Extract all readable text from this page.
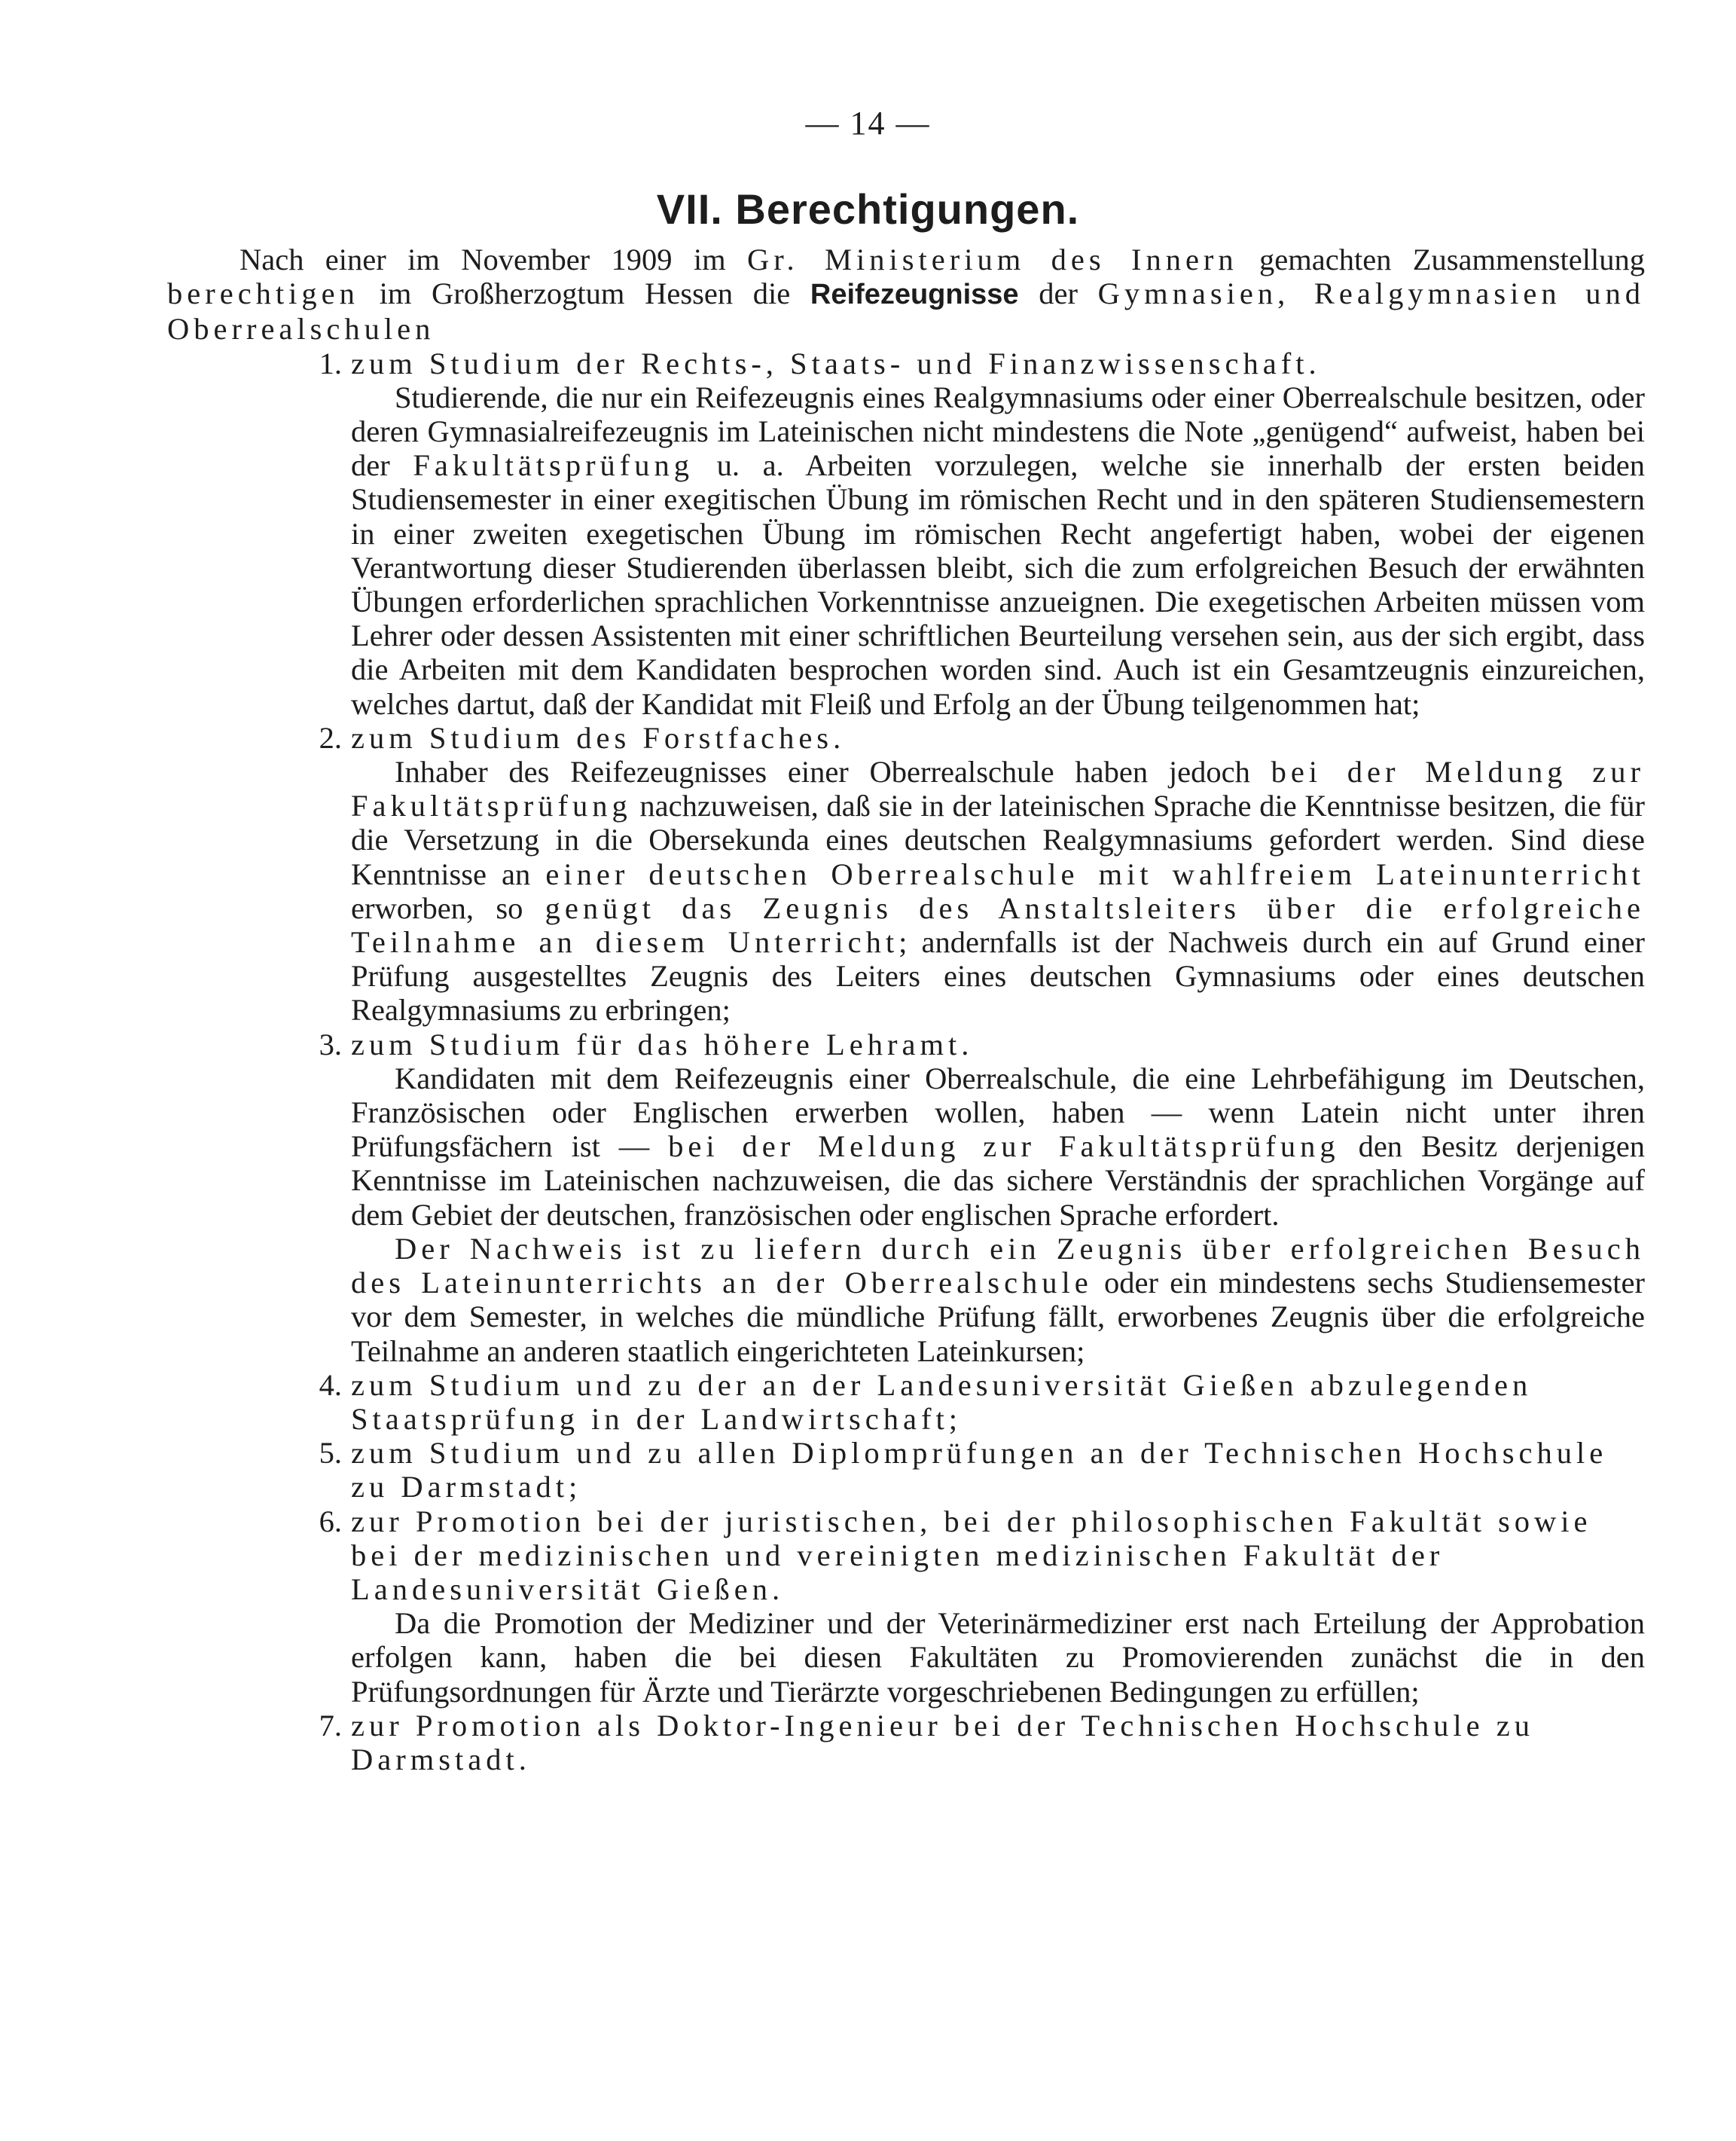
— 14 —
VII. Berechtigungen.

Nach einer im November 1909 im Gr. Ministerium des Innern gemachten Zusammenstellung berechtigen im Großherzogtum Hessen die Reifezeugnisse der Gymnasien, Realgymnasien und Oberrealschulen

1. zum Studium der Rechts-, Staats- und Finanzwissenschaft.

Studierende, die nur ein Reifezeugnis eines Realgymnasiums oder einer Oberrealschule besitzen, oder deren Gymnasialreifezeugnis im Lateinischen nicht mindestens die Note „genügend“ aufweist, haben bei der Fakultätsprüfung u. a. Arbeiten vorzulegen, welche sie innerhalb der ersten beiden Studiensemester in einer exegitischen Übung im römischen Recht und in den späteren Studiensemestern in einer zweiten exegetischen Übung im römischen Recht angefertigt haben, wobei der eigenen Verantwortung dieser Studierenden überlassen bleibt, sich die zum erfolgreichen Besuch der erwähnten Übungen erforderlichen sprachlichen Vorkenntnisse anzueignen. Die exegetischen Arbeiten müssen vom Lehrer oder dessen Assistenten mit einer schriftlichen Beurteilung versehen sein, aus der sich ergibt, dass die Arbeiten mit dem Kandidaten besprochen worden sind. Auch ist ein Gesamtzeugnis einzureichen, welches dartut, daß der Kandidat mit Fleiß und Erfolg an der Übung teilgenommen hat;

2. zum Studium des Forstfaches.

Inhaber des Reifezeugnisses einer Oberrealschule haben jedoch bei der Meldung zur Fakultätsprüfung nachzuweisen, daß sie in der lateinischen Sprache die Kenntnisse besitzen, die für die Versetzung in die Obersekunda eines deutschen Realgymnasiums gefordert werden. Sind diese Kenntnisse an einer deutschen Oberrealschule mit wahlfreiem Lateinunterricht erworben, so genügt das Zeugnis des Anstaltsleiters über die erfolgreiche Teilnahme an diesem Unterricht; andernfalls ist der Nachweis durch ein auf Grund einer Prüfung ausgestelltes Zeugnis des Leiters eines deutschen Gymnasiums oder eines deutschen Realgymnasiums zu erbringen;

3. zum Studium für das höhere Lehramt.

Kandidaten mit dem Reifezeugnis einer Oberrealschule, die eine Lehrbefähigung im Deutschen, Französischen oder Englischen erwerben wollen, haben — wenn Latein nicht unter ihren Prüfungsfächern ist — bei der Meldung zur Fakultätsprüfung den Besitz derjenigen Kenntnisse im Lateinischen nachzuweisen, die das sichere Verständnis der sprachlichen Vorgänge auf dem Gebiet der deutschen, französischen oder englischen Sprache erfordert.

Der Nachweis ist zu liefern durch ein Zeugnis über erfolgreichen Besuch des Lateinunterrichts an der Oberrealschule oder ein mindestens sechs Studiensemester vor dem Semester, in welches die mündliche Prüfung fällt, erworbenes Zeugnis über die erfolgreiche Teilnahme an anderen staatlich eingerichteten Lateinkursen;

4. zum Studium und zu der an der Landesuniversität Gießen abzulegenden Staatsprüfung in der Landwirtschaft;
5. zum Studium und zu allen Diplomprüfungen an der Technischen Hochschule zu Darmstadt;
6. zur Promotion bei der juristischen, bei der philosophischen Fakultät sowie bei der medizinischen und vereinigten medizinischen Fakultät der Landesuniversität Gießen.

Da die Promotion der Mediziner und der Veterinärmediziner erst nach Erteilung der Approbation erfolgen kann, haben die bei diesen Fakultäten zu Promovierenden zunächst die in den Prüfungsordnungen für Ärzte und Tierärzte vorgeschriebenen Bedingungen zu erfüllen;

7. zur Promotion als Doktor-Ingenieur bei der Technischen Hochschule zu Darmstadt.
